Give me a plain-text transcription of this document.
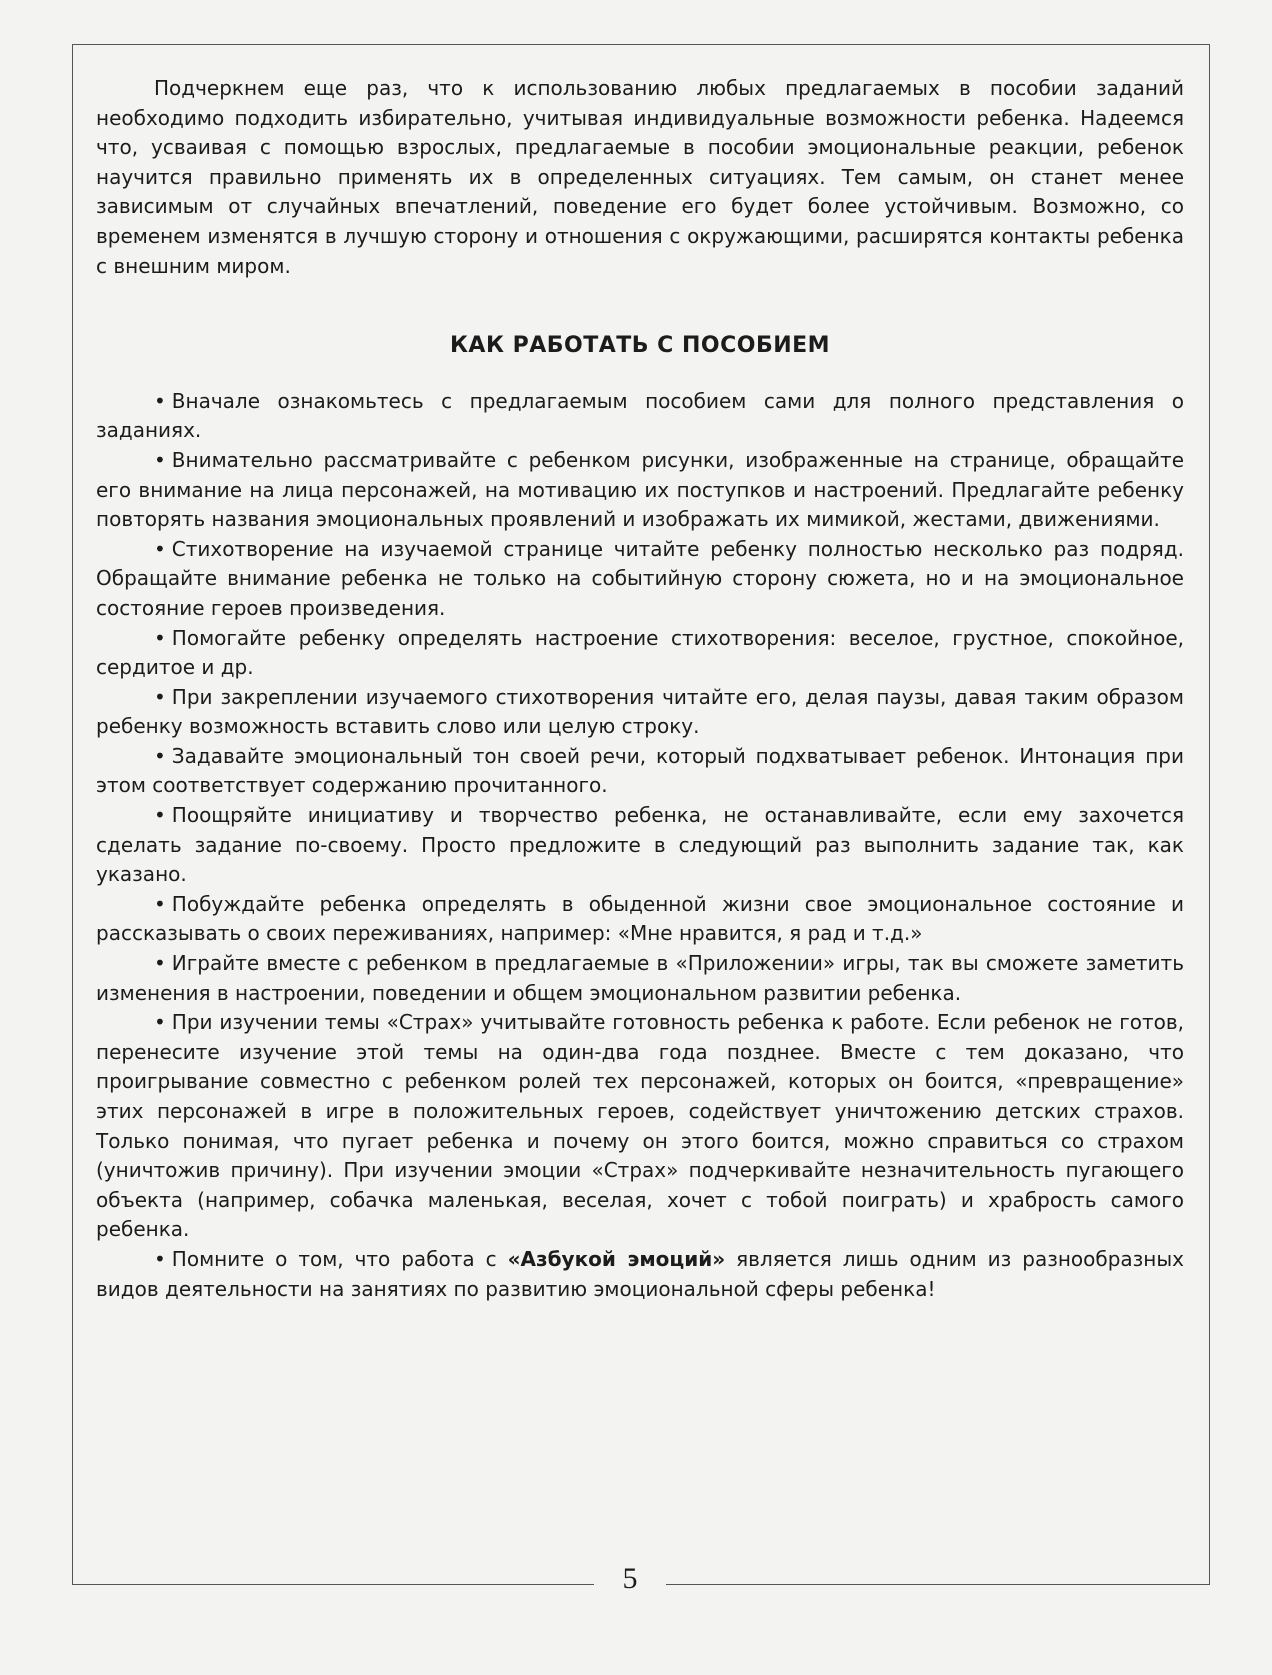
Подчеркнем еще раз, что к использованию любых предлагаемых в пособии заданий необходимо подходить избирательно, учитывая индивидуальные возможности ребенка. Надеемся что, усваивая с помощью взрослых, предлагаемые в пособии эмоциональные реакции, ребенок научится правильно применять их в определенных ситуациях. Тем самым, он станет менее зависимым от случайных впечатлений, поведение его будет более устойчивым. Возможно, со временем изменятся в лучшую сторону и отношения с окружающими, расширятся контакты ребенка с внешним миром.

КАК РАБОТАТЬ С ПОСОБИЕМ

• Вначале ознакомьтесь с предлагаемым пособием сами для полного представления о заданиях.

• Внимательно рассматривайте с ребенком рисунки, изображенные на странице, обращайте его внимание на лица персонажей, на мотивацию их поступков и настроений. Предлагайте ребенку повторять названия эмоциональных проявлений и изображать их мимикой, жестами, движениями.

• Стихотворение на изучаемой странице читайте ребенку полностью несколько раз подряд. Обращайте внимание ребенка не только на событийную сторону сюжета, но и на эмоциональное состояние героев произведения.

• Помогайте ребенку определять настроение стихотворения: веселое, грустное, спокойное, сердитое и др.

• При закреплении изучаемого стихотворения читайте его, делая паузы, давая таким образом ребенку возможность вставить слово или целую строку.

• Задавайте эмоциональный тон своей речи, который подхватывает ребенок. Интонация при этом соответствует содержанию прочитанного.

• Поощряйте инициативу и творчество ребенка, не останавливайте, если ему захочется сделать задание по-своему. Просто предложите в следующий раз выполнить задание так, как указано.

• Побуждайте ребенка определять в обыденной жизни свое эмоциональное состояние и рассказывать о своих переживаниях, например: «Мне нравится, я рад и т.д.»

• Играйте вместе с ребенком в предлагаемые в «Приложении» игры, так вы сможете заметить изменения в настроении, поведении и общем эмоциональном развитии ребенка.

• При изучении темы «Страх» учитывайте готовность ребенка к работе. Если ребенок не готов, перенесите изучение этой темы на один-два года позднее. Вместе с тем доказано, что проигрывание совместно с ребенком ролей тех персонажей, которых он боится, «превращение» этих персонажей в игре в положительных героев, содействует уничтожению детских страхов. Только понимая, что пугает ребенка и почему он этого боится, можно справиться со страхом (уничтожив причину). При изучении эмоции «Страх» подчеркивайте незначительность пугающего объекта (например, собачка маленькая, веселая, хочет с тобой поиграть) и храбрость самого ребенка.

• Помните о том, что работа с «Азбукой эмоций» является лишь одним из разнообразных видов деятельности на занятиях по развитию эмоциональной сферы ребенка!

5
